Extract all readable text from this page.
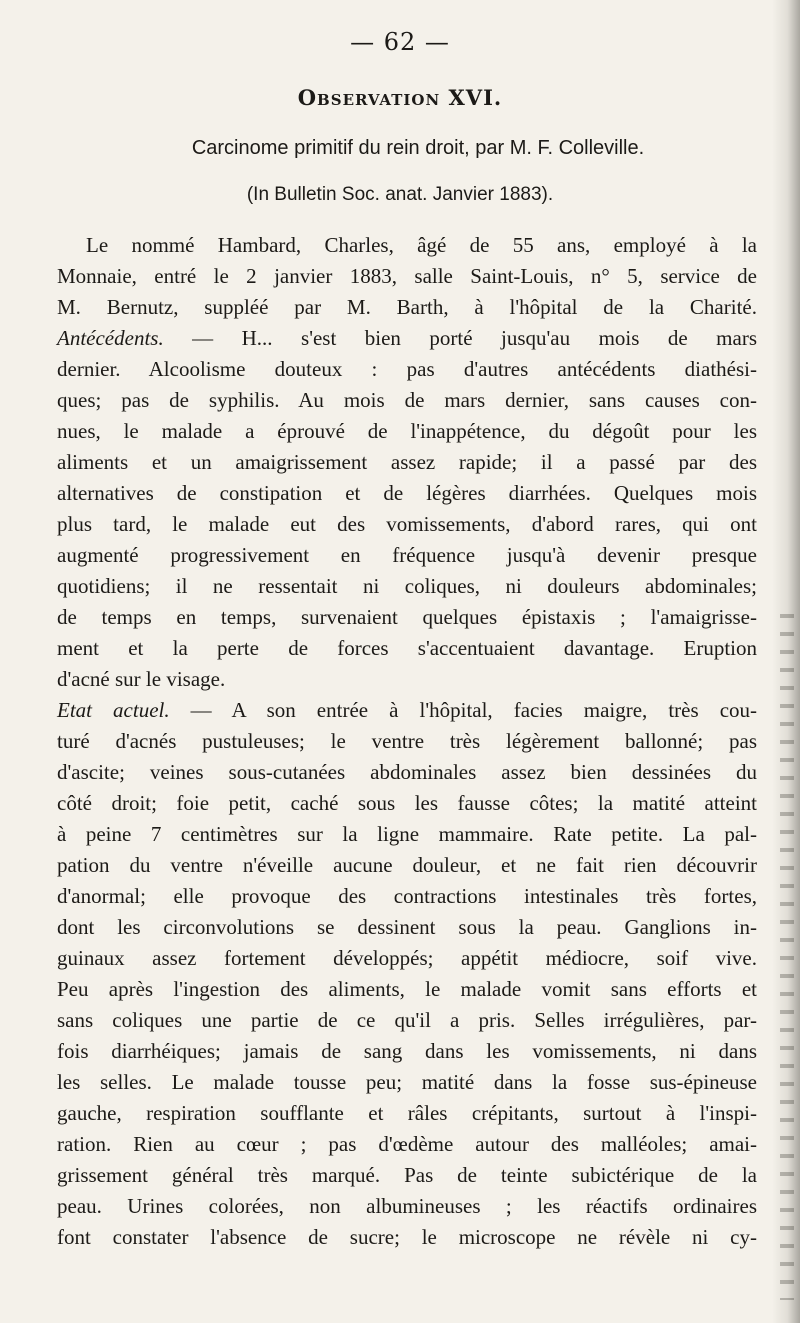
— 62 —
Observation XVI.
Carcinome primitif du rein droit, par M. F. Colleville.
(In Bulletin Soc. anat. Janvier 1883).
Le nommé Hambard, Charles, âgé de 55 ans, employé à la
Monnaie, entré le 2 janvier 1883, salle Saint-Louis, n° 5, service de
M. Bernutz, suppléé par M. Barth, à l'hôpital de la Charité.
Antécédents. — H... s'est bien porté jusqu'au mois de mars
dernier. Alcoolisme douteux : pas d'autres antécédents diathési-
ques; pas de syphilis. Au mois de mars dernier, sans causes con-
nues, le malade a éprouvé de l'inappétence, du dégoût pour les
aliments et un amaigrissement assez rapide; il a passé par des
alternatives de constipation et de légères diarrhées. Quelques mois
plus tard, le malade eut des vomissements, d'abord rares, qui ont
augmenté progressivement en fréquence jusqu'à devenir presque
quotidiens; il ne ressentait ni coliques, ni douleurs abdominales;
de temps en temps, survenaient quelques épistaxis ; l'amaigrisse-
ment et la perte de forces s'accentuaient davantage. Eruption
d'acné sur le visage.
Etat actuel. — A son entrée à l'hôpital, facies maigre, très cou-
turé d'acnés pustuleuses; le ventre très légèrement ballonné; pas
d'ascite; veines sous-cutanées abdominales assez bien dessinées du
côté droit; foie petit, caché sous les fausse côtes; la matité atteint
à peine 7 centimètres sur la ligne mammaire. Rate petite. La pal-
pation du ventre n'éveille aucune douleur, et ne fait rien découvrir
d'anormal; elle provoque des contractions intestinales très fortes,
dont les circonvolutions se dessinent sous la peau. Ganglions in-
guinaux assez fortement développés; appétit médiocre, soif vive.
Peu après l'ingestion des aliments, le malade vomit sans efforts et
sans coliques une partie de ce qu'il a pris. Selles irrégulières, par-
fois diarrhéiques; jamais de sang dans les vomissements, ni dans
les selles. Le malade tousse peu; matité dans la fosse sus-épineuse
gauche, respiration soufflante et râles crépitants, surtout à l'inspi-
ration. Rien au cœur ; pas d'œdème autour des malléoles; amai-
grissement général très marqué. Pas de teinte subictérique de la
peau. Urines colorées, non albumineuses ; les réactifs ordinaires
font constater l'absence de sucre; le microscope ne révèle ni cy-
